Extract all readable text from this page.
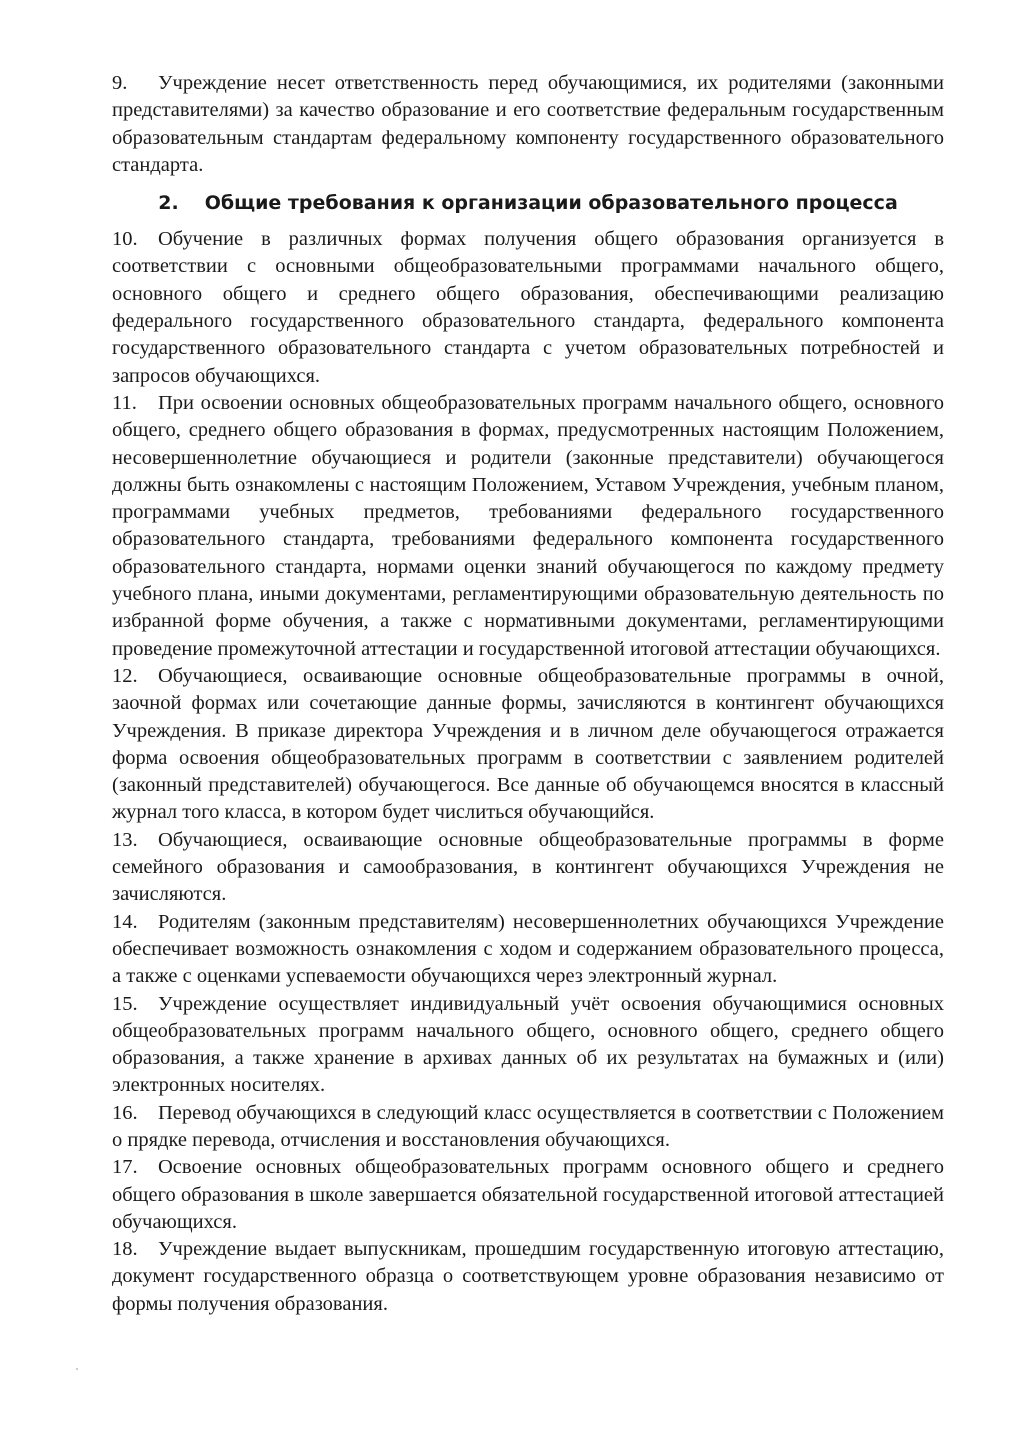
9. Учреждение несет ответственность перед обучающимися, их родителями (законными представителями) за качество образование и его соответствие федеральным государственным образовательным стандартам федеральному компоненту государственного образовательного стандарта.

2. Общие требования к организации образовательного процесса

10. Обучение в различных формах получения общего образования организуется в соответствии с основными общеобразовательными программами начального общего, основного общего и среднего общего образования, обеспечивающими реализацию федерального государственного образовательного стандарта, федерального компонента государственного образовательного стандарта с учетом образовательных потребностей и запросов обучающихся.

11. При освоении основных общеобразовательных программ начального общего, основного общего, среднего общего образования в формах, предусмотренных настоящим Положением, несовершеннолетние обучающиеся и родители (законные представители) обучающегося должны быть ознакомлены с настоящим Положением, Уставом Учреждения, учебным планом, программами учебных предметов, требованиями федерального государственного образовательного стандарта, требованиями федерального компонента государственного образовательного стандарта, нормами оценки знаний обучающегося по каждому предмету учебного плана, иными документами, регламентирующими образовательную деятельность по избранной форме обучения, а также с нормативными документами, регламентирующими проведение промежуточной аттестации и государственной итоговой аттестации обучающихся.

12. Обучающиеся, осваивающие основные общеобразовательные программы в очной, заочной формах или сочетающие данные формы, зачисляются в контингент обучающихся Учреждения. В приказе директора Учреждения и в личном деле обучающегося отражается форма освоения общеобразовательных программ в соответствии с заявлением родителей (законный представителей) обучающегося. Все данные об обучающемся вносятся в классный журнал того класса, в котором будет числиться обучающийся.

13. Обучающиеся, осваивающие основные общеобразовательные программы в форме семейного образования и самообразования, в контингент обучающихся Учреждения не зачисляются.

14. Родителям (законным представителям) несовершеннолетних обучающихся Учреждение обеспечивает возможность ознакомления с ходом и содержанием образовательного процесса, а также с оценками успеваемости обучающихся через электронный журнал.

15. Учреждение осуществляет индивидуальный учёт освоения обучающимися основных общеобразовательных программ начального общего, основного общего, среднего общего образования, а также хранение в архивах данных об их результатах на бумажных и (или) электронных носителях.

16. Перевод обучающихся в следующий класс осуществляется в соответствии с Положением о прядке перевода, отчисления и восстановления обучающихся.

17. Освоение основных общеобразовательных программ основного общего и среднего общего образования в школе завершается обязательной государственной итоговой аттестацией обучающихся.

18. Учреждение выдает выпускникам, прошедшим государственную итоговую аттестацию, документ государственного образца о соответствующем уровне образования независимо от формы получения образования.
